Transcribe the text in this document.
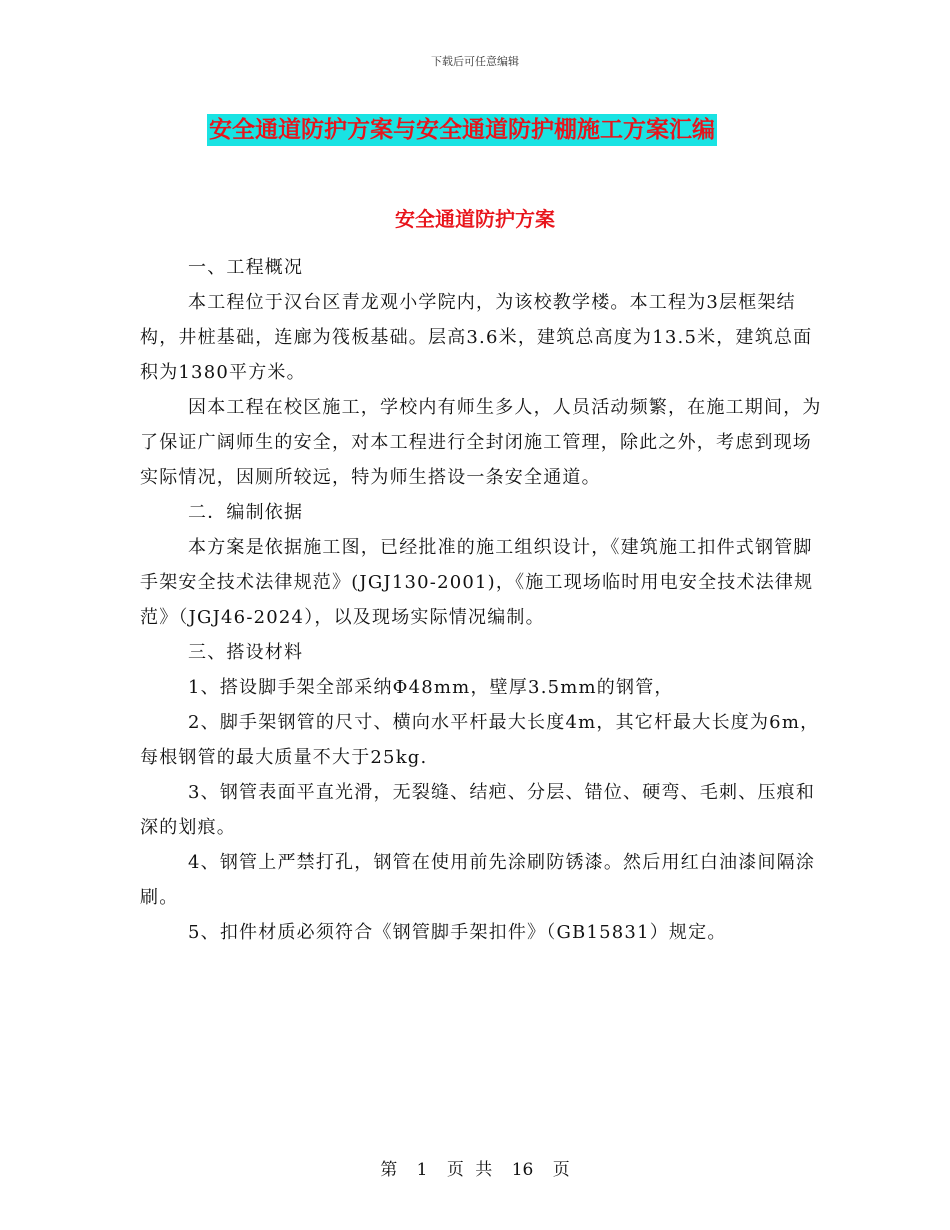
下载后可任意编辑
安全通道防护方案与安全通道防护棚施工方案汇编
安全通道防护方案

一、工程概况

本工程位于汉台区青龙观小学院内，为该校教学楼。本工程为3层框架结构，井桩基础，连廊为筏板基础。层高3.6米，建筑总高度为13.5米，建筑总面积为1380平方米。

因本工程在校区施工，学校内有师生多人，人员活动频繁，在施工期间，为了保证广阔师生的安全，对本工程进行全封闭施工管理，除此之外，考虑到现场实际情况，因厕所较远，特为师生搭设一条安全通道。

二．编制依据

本方案是依据施工图，已经批准的施工组织设计，《建筑施工扣件式钢管脚手架安全技术法律规范》(JGJ130-2001)，《施工现场临时用电安全技术法律规范》（JGJ46-2024），以及现场实际情况编制。

三、搭设材料

1、搭设脚手架全部采纳Φ48mm，壁厚3.5mm的钢管，

2、脚手架钢管的尺寸、横向水平杆最大长度4m，其它杆最大长度为6m，每根钢管的最大质量不大于25kg.

3、钢管表面平直光滑，无裂缝、结疤、分层、错位、硬弯、毛刺、压痕和深的划痕。

4、钢管上严禁打孔，钢管在使用前先涂刷防锈漆。然后用红白油漆间隔涂刷。

5、扣件材质必须符合《钢管脚手架扣件》（GB15831）规定。

第 1 页 共 16 页
